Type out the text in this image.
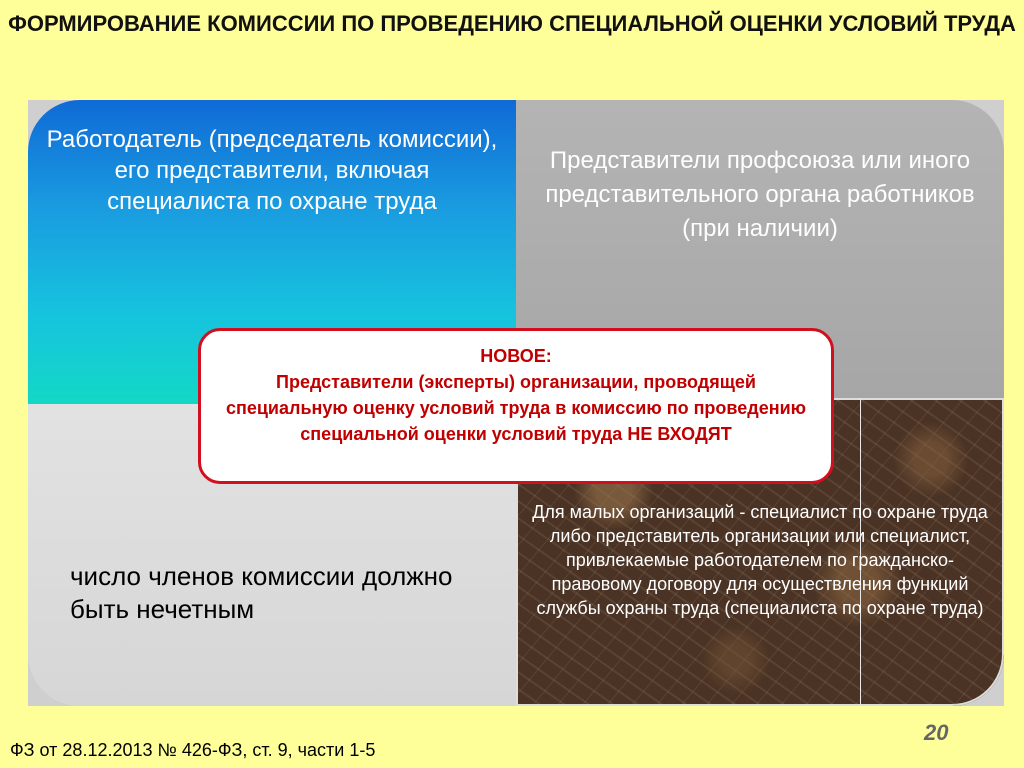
ФОРМИРОВАНИЕ КОМИССИИ ПО ПРОВЕДЕНИЮ СПЕЦИАЛЬНОЙ ОЦЕНКИ УСЛОВИЙ ТРУДА
Работодатель (председатель комиссии), его представители, включая специалиста по охране труда
Представители профсоюза или иного представительного органа работников (при наличии)
число членов комиссии должно быть нечетным
Для малых организаций - специалист по охране труда либо представитель организации или специалист, привлекаемые работодателем по гражданско-правовому договору для осуществления функций службы охраны труда (специалиста по охране труда)
НОВОЕ:
Представители (эксперты) организации, проводящей специальную оценку условий труда в комиссию по проведению специальной оценки условий труда НЕ ВХОДЯТ
20
ФЗ от 28.12.2013 № 426-ФЗ, ст. 9, части 1-5
